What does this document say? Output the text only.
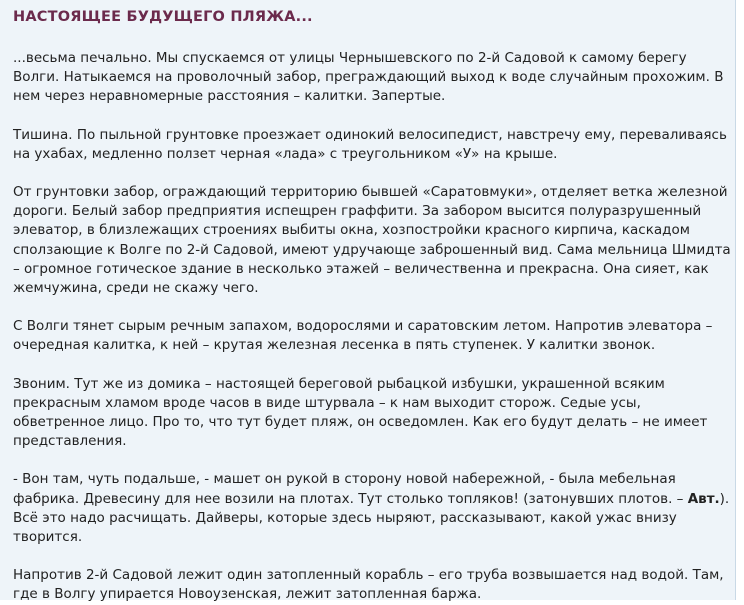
НАСТОЯЩЕЕ БУДУЩЕГО ПЛЯЖА...

...весьма печально. Мы спускаемся от улицы Чернышевского по 2-й Садовой к самому берегу Волги. Натыкаемся на проволочный забор, преграждающий выход к воде случайным прохожим. В нем через неравномерные расстояния – калитки. Запертые.

Тишина. По пыльной грунтовке проезжает одинокий велосипедист, навстречу ему, переваливаясь на ухабах, медленно ползет черная «лада» с треугольником «У» на крыше.

От грунтовки забор, ограждающий территорию бывшей «Саратовмуки», отделяет ветка железной дороги. Белый забор предприятия испещрен граффити. За забором высится полуразрушенный элеватор, в близлежащих строениях выбиты окна, хозпостройки красного кирпича, каскадом сползающие к Волге по 2-й Садовой, имеют удручающе заброшенный вид. Сама мельница Шмидта – огромное готическое здание в несколько этажей – величественна и прекрасна. Она сияет, как жемчужина, среди не скажу чего.

С Волги тянет сырым речным запахом, водорослями и саратовским летом. Напротив элеватора – очередная калитка, к ней – крутая железная лесенка в пять ступенек. У калитки звонок.

Звоним. Тут же из домика – настоящей береговой рыбацкой избушки, украшенной всяким прекрасным хламом вроде часов в виде штурвала – к нам выходит сторож. Седые усы, обветренное лицо. Про то, что тут будет пляж, он осведомлен. Как его будут делать – не имеет представления.

- Вон там, чуть подальше, - машет он рукой в сторону новой набережной, - была мебельная фабрика. Древесину для нее возили на плотах. Тут столько топляков! (затонувших плотов. – Авт.). Всё это надо расчищать. Дайверы, которые здесь ныряют, рассказывают, какой ужас внизу творится.

Напротив 2-й Садовой лежит один затопленный корабль – его труба возвышается над водой. Там, где в Волгу упирается Новоузенская, лежит затопленная баржа.
